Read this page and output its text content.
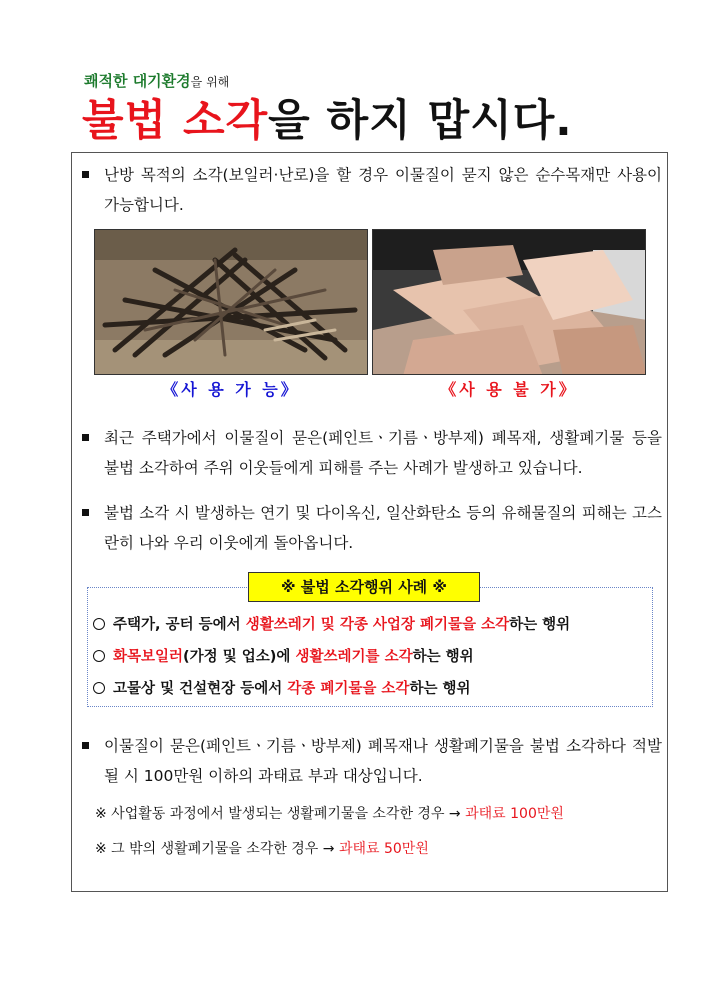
쾌적한 대기환경을 위해
불법 소각을 하지 맙시다.
난방 목적의 소각(보일러·난로)을 할 경우 이물질이 묻지 않은 순수목재만 사용이 가능합니다.
《사 용 가 능》	《사 용 불 가》
최근 주택가에서 이물질이 묻은(페인트ㆍ기름ㆍ방부제) 폐목재, 생활폐기물 등을 불법 소각하여 주위 이웃들에게 피해를 주는 사례가 발생하고 있습니다.
불법 소각 시 발생하는 연기 및 다이옥신, 일산화탄소 등의 유해물질의 피해는 고스란히 나와 우리 이웃에게 돌아옵니다.
※ 불법 소각행위 사례 ※
주택가, 공터 등에서 생활쓰레기 및 각종 사업장 폐기물을 소각하는 행위
화목보일러(가정 및 업소)에 생활쓰레기를 소각하는 행위
고물상 및 건설현장 등에서 각종 폐기물을 소각하는 행위
이물질이 묻은(페인트ㆍ기름ㆍ방부제) 폐목재나 생활폐기물을 불법 소각하다 적발될 시 100만원 이하의 과태료 부과 대상입니다.
※ 사업활동 과정에서 발생되는 생활폐기물을 소각한 경우 → 과태료 100만원
※ 그 밖의 생활폐기물을 소각한 경우 → 과태료 50만원
